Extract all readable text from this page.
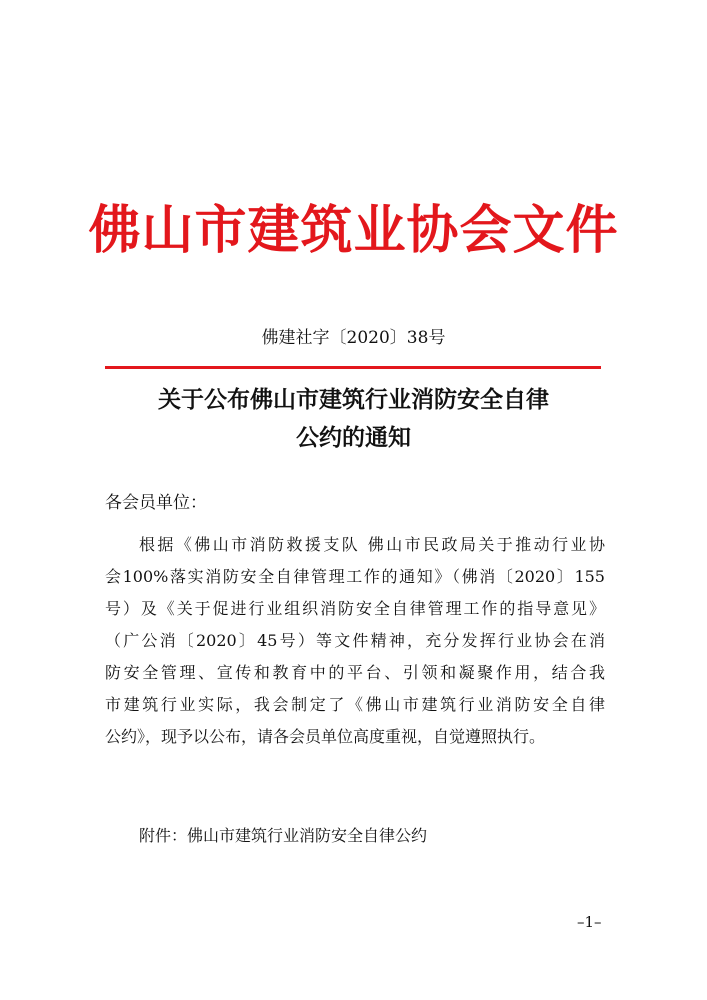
佛山市建筑业协会文件
佛建社字〔2020〕38号
关于公布佛山市建筑行业消防安全自律
公约的通知
各会员单位：
根据《佛山市消防救援支队 佛山市民政局关于推动行业协
会100%落实消防安全自律管理工作的通知》（佛消〔2020〕155
号）及《关于促进行业组织消防安全自律管理工作的指导意见》
（广公消〔2020〕45号）等文件精神，充分发挥行业协会在消
防安全管理、宣传和教育中的平台、引领和凝聚作用，结合我
市建筑行业实际，我会制定了《佛山市建筑行业消防安全自律
公约》，现予以公布，请各会员单位高度重视，自觉遵照执行。
附件：佛山市建筑行业消防安全自律公约
–1–
